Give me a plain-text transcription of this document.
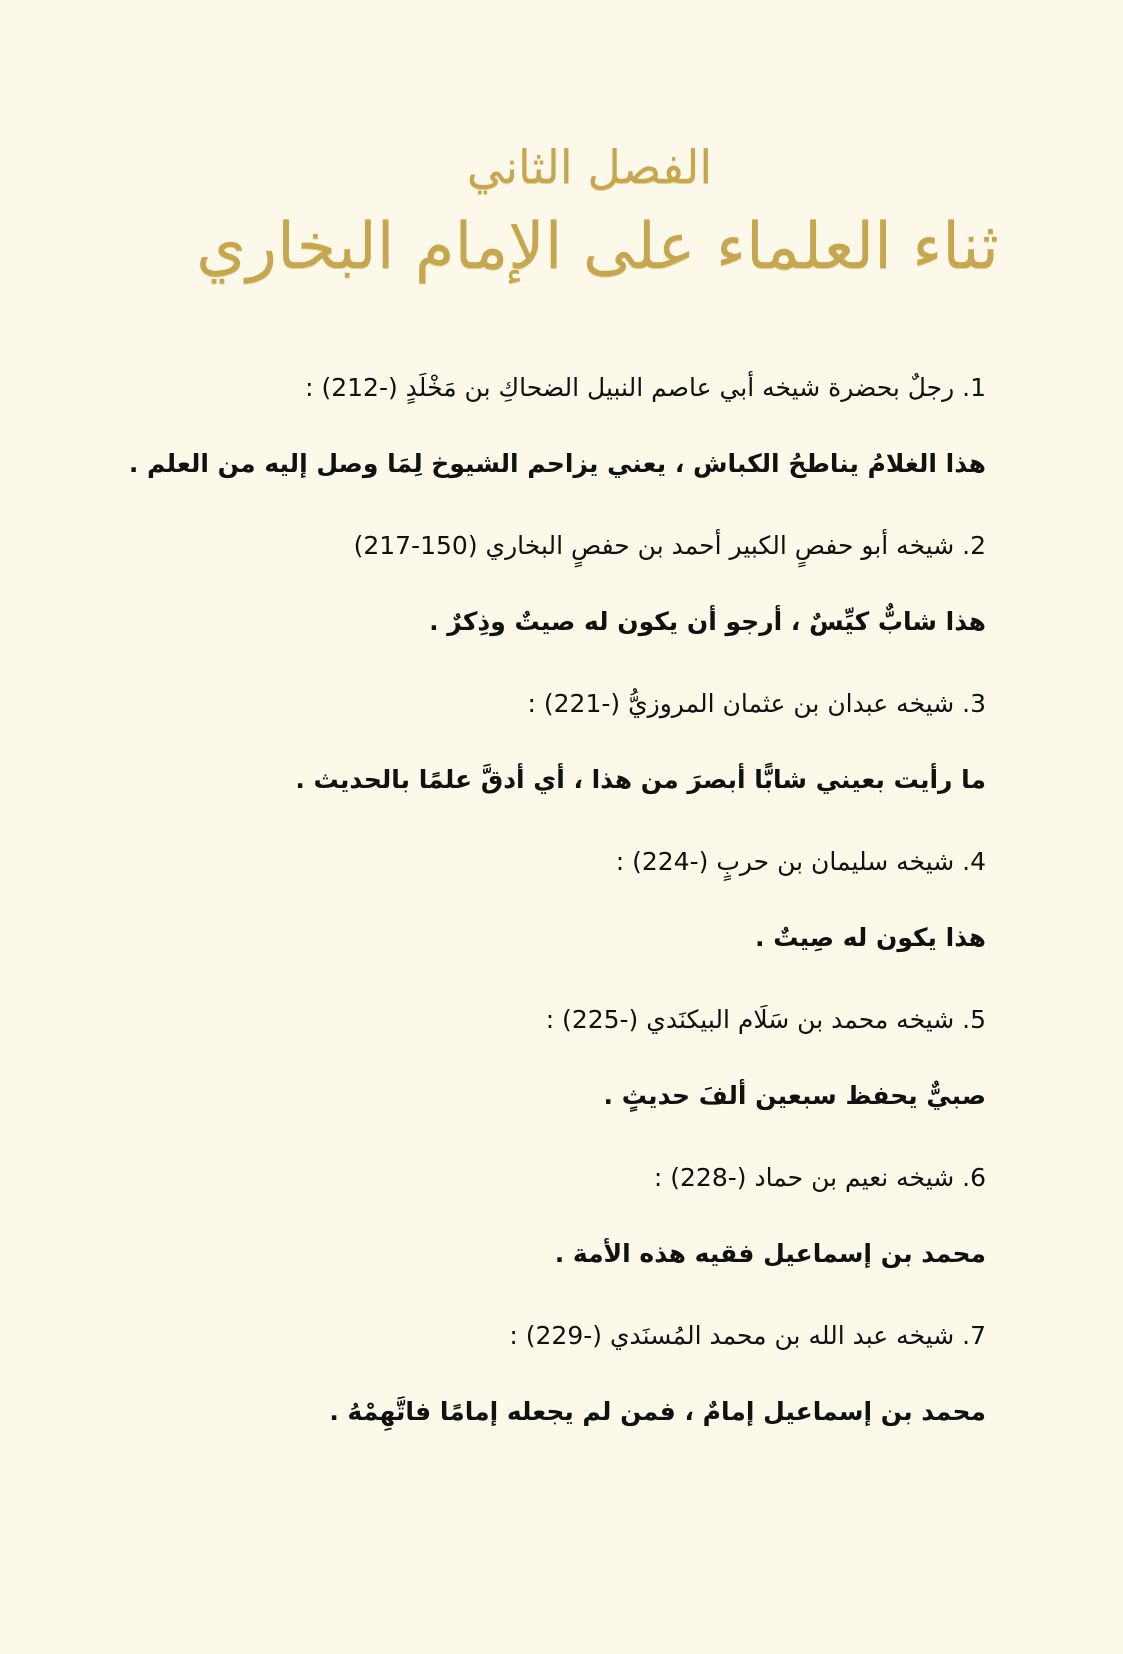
الفصل الثاني
ثناء العلماء على الإمام البخاري
1. رجلٌ بحضرة شيخه أبي عاصم النبيل الضحاكِ بن مَخْلَدٍ (-212) :
هذا الغلامُ يناطحُ الكباش ، يعني يزاحم الشيوخ لِمَا وصل إليه من العلم .
2. شيخه أبو حفصٍ الكبير أحمد بن حفصٍ البخاري (150-217)
هذا شابٌّ كيِّسٌ ، أرجو أن يكون له صيتٌ وذِكرٌ .
3. شيخه عبدان بن عثمان المروزيُّ (-221) :
ما رأيت بعيني شابًّا أبصرَ من هذا ، أي أدقَّ علمًا بالحديث .
4. شيخه سليمان بن حربٍ (-224) :
هذا يكون له صِيتٌ .
5. شيخه محمد بن سَلَام البيكنَدي (-225) :
صبيٌّ يحفظ سبعين ألفَ حديثٍ .
6. شيخه نعيم بن حماد (-228) :
محمد بن إسماعيل فقيه هذه الأمة .
7. شيخه عبد الله بن محمد المُسنَدي (-229) :
محمد بن إسماعيل إمامٌ ، فمن لم يجعله إمامًا فاتَّهِمْهُ .
